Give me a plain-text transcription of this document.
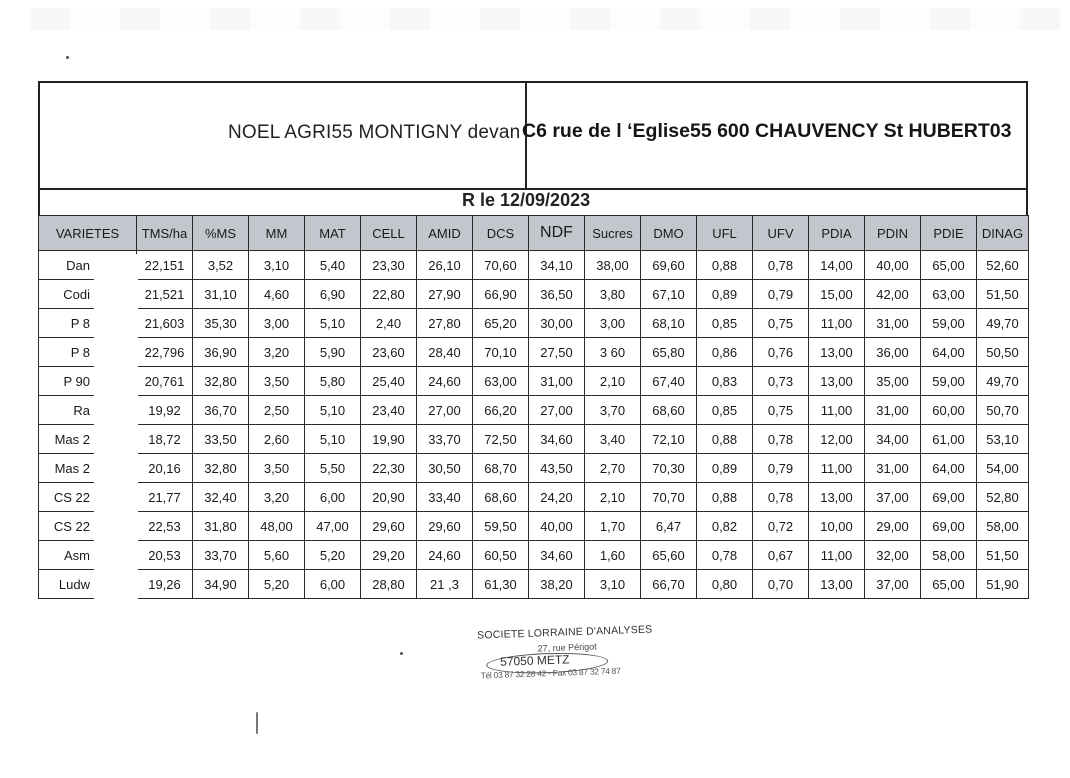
NOEL AGRI55 MONTIGNY devan C6 rue de l ‘Eglise55 600 CHAUVENCY St HUBERT03
R le 12/09/2023
VARIETES	TMS/ha	%MS	MM	MAT	CELL	AMID	DCS	NDF	Sucres	DMO	UFL	UFV	PDIA	PDIN	PDIE	DINAG
Dan	22,151	3,52	3,10	5,40	23,30	26,10	70,60	34,10	38,00	69,60	0,88	0,78	14,00	40,00	65,00	52,60
Codi	21,521	31,10	4,60	6,90	22,80	27,90	66,90	36,50	3,80	67,10	0,89	0,79	15,00	42,00	63,00	51,50
P 8	21,603	35,30	3,00	5,10	2,40	27,80	65,20	30,00	3,00	68,10	0,85	0,75	11,00	31,00	59,00	49,70
P 8	22,796	36,90	3,20	5,90	23,60	28,40	70,10	27,50	3 60	65,80	0,86	0,76	13,00	36,00	64,00	50,50
P 90	20,761	32,80	3,50	5,80	25,40	24,60	63,00	31,00	2,10	67,40	0,83	0,73	13,00	35,00	59,00	49,70
Ra	19,92	36,70	2,50	5,10	23,40	27,00	66,20	27,00	3,70	68,60	0,85	0,75	11,00	31,00	60,00	50,70
Mas 2	18,72	33,50	2,60	5,10	19,90	33,70	72,50	34,60	3,40	72,10	0,88	0,78	12,00	34,00	61,00	53,10
Mas 2	20,16	32,80	3,50	5,50	22,30	30,50	68,70	43,50	2,70	70,30	0,89	0,79	11,00	31,00	64,00	54,00
CS 22	21,77	32,40	3,20	6,00	20,90	33,40	68,60	24,20	2,10	70,70	0,88	0,78	13,00	37,00	69,00	52,80
CS 22	22,53	31,80	48,00	47,00	29,60	29,60	59,50	40,00	1,70	6,47	0,82	0,72	10,00	29,00	69,00	58,00
Asm	20,53	33,70	5,60	5,20	29,20	24,60	60,50	34,60	1,60	65,60	0,78	0,67	11,00	32,00	58,00	51,50
Ludw	19,26	34,90	5,20	6,00	28,80	21 ,3	61,30	38,20	3,10	66,70	0,80	0,70	13,00	37,00	65,00	51,90
SOCIETE LORRAINE D'ANALYSES
27, rue Périgot
57050 METZ
Tél 03 87 32 28 42 - Fax 03 87 32 74 87
